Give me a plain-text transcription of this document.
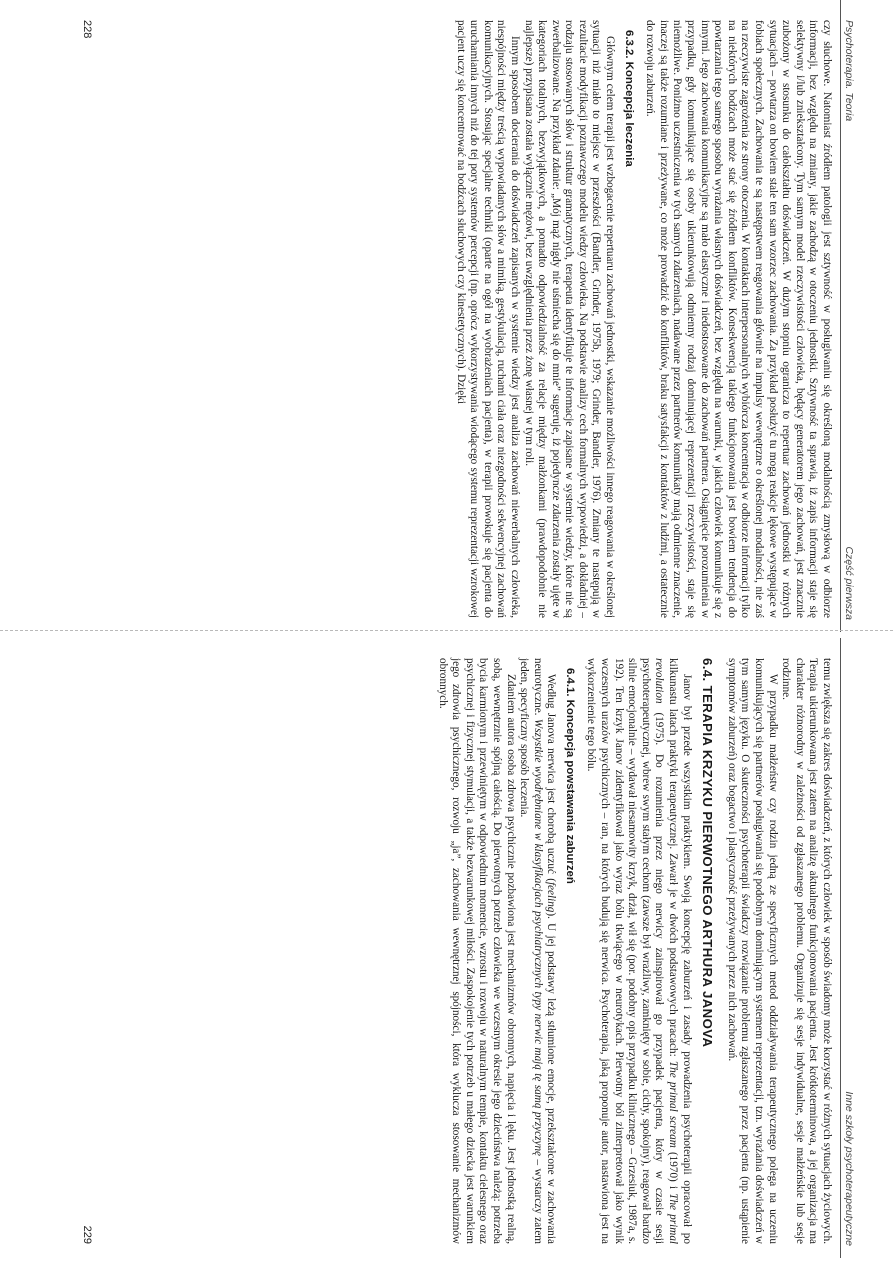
Psychoterapia. Teoria
Część pierwsza

czy słuchowe. Natomiast źródłem patologii jest sztywność w posługiwaniu się określoną modalnością zmysłową w odbiorze informacji, bez względu na zmiany, jakie zachodzą w otoczeniu jednostki. Sztywność ta sprawia, iż zapis informacji staje się selektywny i/lub zniekształcony. Tym samym model rzeczywistości człowieka, będący generatorem jego zachowań, jest znacznie zubożony w stosunku do całokształtu doświadczeń. W dużym stopniu ogranicza to repertuar zachowań jednostki w różnych sytuacjach – powtarza on bowiem stale ten sam wzorzec zachowania. Za przykład posłużyć tu mogą reakcje lękowe występujące w fobiach społecznych. Zachowania te są następstwem reagowania głównie na impulsy wewnętrzne o określonej modalności, nie zaś na rzeczywiste zagrożenia ze strony otoczenia. W kontaktach interpersonalnych wybiórcza koncentracja w odbiorze informacji tylko na niektórych bodźcach może stać się źródłem konfliktów. Konsekwencją takiego funkcjonowania jest bowiem tendencja do powtarzania tego samego sposobu wyrażania własnych doświadczeń, bez względu na warunki, w jakich człowiek komunikuje się z innymi. Jego zachowania komunikacyjne są mało elastyczne i niedostosowane do zachowań partnera. Osiągnięcie porozumienia w przypadku, gdy komunikujące się osoby ukierunkowują odmienny rodzaj dominującej reprezentacji rzeczywistości, staje się niemożliwe. Poniżmo uczestniczenia w tych samych zdarzeniach, nadawane przez partnerów komunikaty mają odmienne znaczenie, inaczej są także rozumiane i przeżywane, co może prowadzić do konfliktów, braku satysfakcji z kontaktów z ludźmi, a ostatecznie do rozwoju zaburzeń.

6.3.2. Koncepcja leczenia

Głównym celem terapii jest wzbogacenie repertuaru zachowań jednostki, wskazanie możliwości innego reagowania w określonej sytuacji niż miało to miejsce w przeszłości (Bandler, Grinder, 1975b, 1979; Grinder, Bandler, 1976). Zmiany te następują w rezultacie modyfikacji poznawczego modelu wiedzy człowieka. Na podstawie analizy cech formalnych wypowiedzi, a dokładniej – rodzaju stosowanych słów i struktur gramatycznych, terapeuta identyfikuje te informacje zapisane w systemie wiedzy, które nie są zwerbalizowane. Na przykład zdanie: „Mój mąż nigdy nie uśmiecha się do mnie” sugeruje, iż pojedyncze zdarzenia zostały ujęte w kategoriach totalnych, bezwyjątkowych, a pomadto odpowiedzialność za relacje między małżonkami (prawdopodobnie nie najlepsze) przypisana została wyłącznie mężowi, bez uwzględnienia przez żonę własnej w tym roli.

Innym sposobem docierania do doświadczeń zapisanych w systemie wiedzy jest analiza zachowań niewerbalnych człowieka, niespójności między treścią wypowiadanych słów a mimiką, gestykulacją, ruchami ciała oraz niezgodności sekwencyjnej zachowań komunikacyjnych. Stosując specjalne techniki (oparte na ogół na wyobrażeniach pacjenta), w terapii prowokuje się pacjenta do uruchamiania innych niż do tej pory systemów percepcji (np. oprócz wykorzystywania wiodącego systemu reprezentacji wzrokowej pacjent uczy się koncentrować na bodźcach słuchowych czy kinestetycznych). Dzięki

228
Inne szkoły psychoterapeutyczne

temu zwiększa się zakres doświadczeń, z których człowiek w sposób świadomy może korzystać w różnych sytuacjach życiowych. Terapia ukierunkowana jest zatem na analizę aktualnego funkcjonowania pacjenta. Jest krótkoterminowa, a jej organizacja ma charakter różnorodny w zależności od zgłaszanego problemu. Organizuje się sesje indywidualne, sesje małżeńskie lub sesje rodzinne.

W przypadku małżeństw czy rodzin jedną ze specyficznych metod oddziaływania terapeutycznego polega na uczeniu komunikujących się partnerów posługiwania się podobnym dominującym systemem reprezentacji, tzn. wyrażania doświadczeń w tym samym języku. O skuteczności psychoterapii świadczy rozwiązanie problemu zgłaszanego przez pacjenta (np. ustąpienie symptomów zaburzeń) oraz bogactwo i plastyczność przeżywanych przez nich zachowań.

6.4. TERAPIA KRZYKU PIERWOTNEGO ARTHURA JANOVA

Janov był przede wszystkim praktykiem. Swoją koncepcję zaburzeń i zasady prowadzenia psychoterapii opracował po kilkunastu latach praktyki terapeutycznej. Zawarł je w dwóch podstawowych pracach: The primal scream (1970) i The primal revolution (1975). Do rozumienia przez niego nerwicy zainspirował go przypadek pacjenta, który w czasie sesji psychoterapeutycznej, wbrew swym stałym cechom (zawsze był wrażliwy, zamknięty w sobie, cichy, spokojny), reagował bardzo silnie emocjonalnie – wydawał niesamowity krzyk, drżał, wił się (por. podobny opis przypadku klinicznego – Grzesiuk, 1987a, s. 192). Ten krzyk Janov zidentyfikował jako wyraz bólu tkwiącego w neurotykach. Pierwotny ból zinterpretował jako wynik wczesnych urazów psychicznych – ran, na których budują się nerwica. Psychoterapia, jaką proponuje autor, nastawiona jest na wykorzenienie tego bólu.

6.4.1. Koncepcja powstawania zaburzeń

Według Janova nerwica jest chorobą uczuć (feeling). U jej podstawy leżą stłumione emocje, przekształcone w zachowania neurotyczne. Wszystkie wyodrębniane w klasyfikacjach psychiatrycznych typy nerwic mają tę samą przyczynę – wystarczy zatem jeden, specyficzny sposób leczenia.

Zdaniem autora osoba zdrowa psychicznie pozbawiona jest mechanizmów obronnych, napięcia i lęku. Jest jednostką realną, sobą, wewnętrznie spójną całością. Do pierwotnych potrzeb człowieka we wczesnym okresie jego dzieciństwa należą: potrzeba bycia karmionym i przewiniętym w odpowiednim momencie, wzrostu i rozwoju w naturalnym tempie, kontaktu cielesnego oraz psychicznej i fizycznej stymulacji, a także bezwarunkowej miłości. Zaspokojenie tych potrzeb u małego dziecka jest warunkiem jego zdrowia psychicznego, rozwoju „ja”, zachowania wewnętrznej spójności, która wyklucza stosowanie mechanizmów obronnych.

229
